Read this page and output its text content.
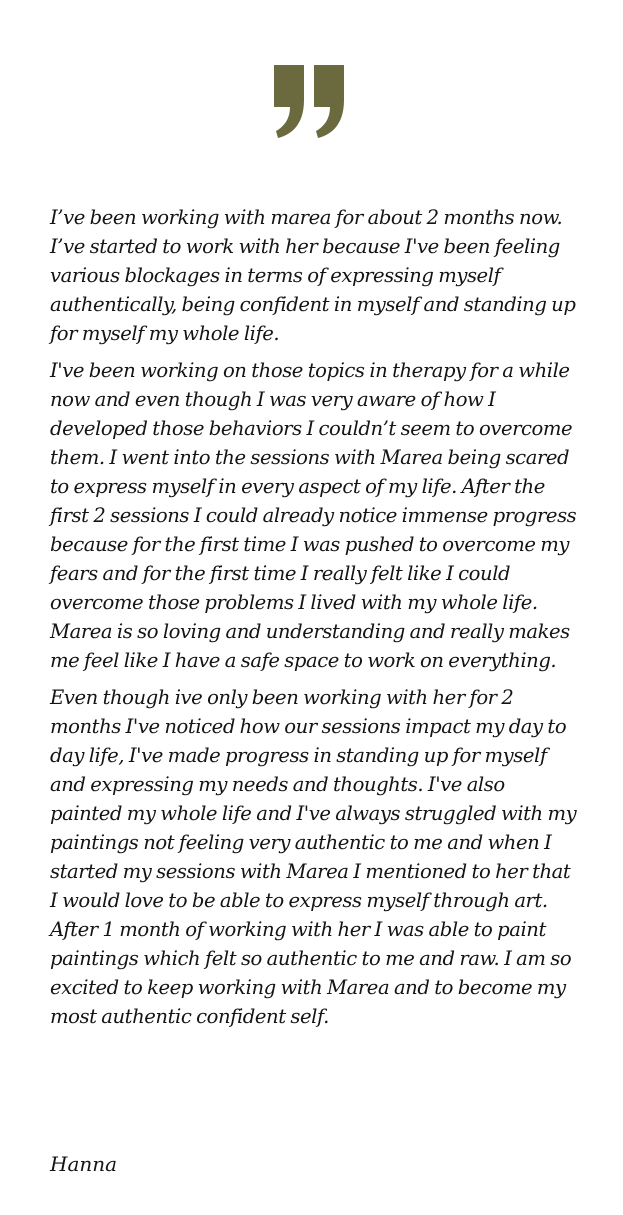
I’ve been working with marea for about 2 months now. I’ve started to work with her because I've been feeling various blockages in terms of expressing myself authentically, being confident in myself and standing up for myself my whole life.

I've been working on those topics in therapy for a while now and even though I was very aware of how I developed those behaviors I couldn’t seem to overcome them. I went into the sessions with Marea being scared to express myself in every aspect of my life. After the first 2 sessions I could already notice immense progress because for the first time I was pushed to overcome my fears and for the first time I really felt like I could overcome those problems I lived with my whole life. Marea is so loving and understanding and really makes me feel like I have a safe space to work on everything.

Even though ive only been working with her for 2 months I've noticed how our sessions impact my day to day life, I've made progress in standing up for myself and expressing my needs and thoughts. I've also painted my whole life and I've always struggled with my paintings not feeling very authentic to me and when I started my sessions with Marea I mentioned to her that I would love to be able to express myself through art. After 1 month of working with her I was able to paint paintings which felt so authentic to me and raw. I am so excited to keep working with Marea and to become my most authentic confident self.

Hanna
